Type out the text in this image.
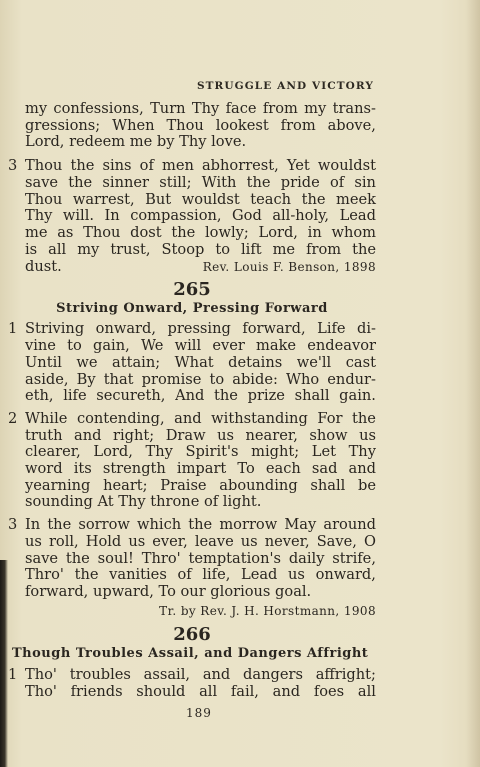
STRUGGLE AND VICTORY
my confessions, Turn Thy face from my trans-
gressions; When Thou lookest from above,
Lord, redeem me by Thy love.
3 Thou the sins of men abhorrest, Yet wouldst
save the sinner still; With the pride of sin
Thou warrest, But wouldst teach the meek
Thy will. In compassion, God all-holy, Lead
me as Thou dost the lowly; Lord, in whom
is all my trust, Stoop to lift me from the
dust.	Rev. Louis F. Benson, 1898
265
Striving Onward, Pressing Forward
1 Striving onward, pressing forward, Life di-
vine to gain, We will ever make endeavor
Until we attain; What detains we'll cast
aside, By that promise to abide: Who endur-
eth, life secureth, And the prize shall gain.
2 While contending, and withstanding For the
truth and right; Draw us nearer, show us
clearer, Lord, Thy Spirit's might; Let Thy
word its strength impart To each sad and
yearning heart; Praise abounding shall be
sounding At Thy throne of light.
3 In the sorrow which the morrow May around
us roll, Hold us ever, leave us never, Save, O
save the soul! Thro' temptation's daily strife,
Thro' the vanities of life, Lead us onward,
forward, upward, To our glorious goal.
Tr. by Rev. J. H. Horstmann, 1908
266
Though Troubles Assail, and Dangers Affright
1 Tho' troubles assail, and dangers affright;
Tho' friends should all fail, and foes all
189
